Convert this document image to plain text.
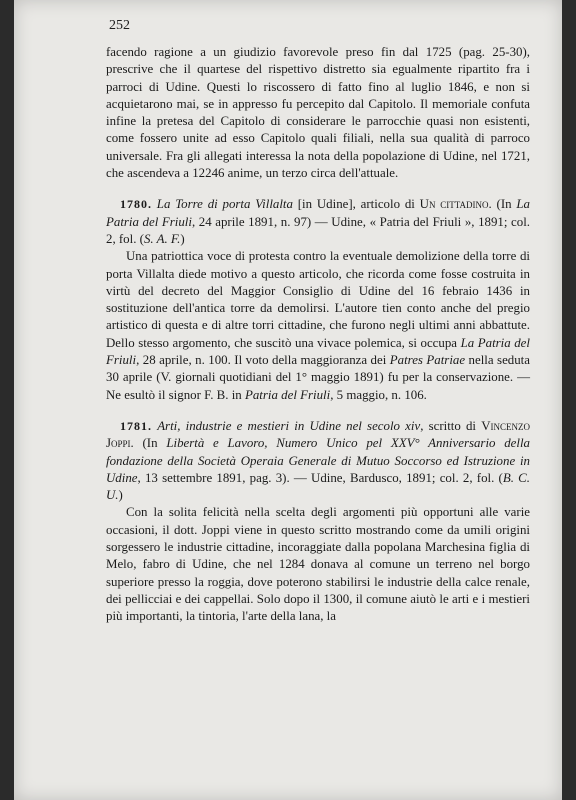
252

facendo ragione a un giudizio favorevole preso fin dal 1725 (pag. 25-30), prescrive che il quartese del rispettivo distretto sia egualmente ripartito fra i parroci di Udine. Questi lo riscossero di fatto fino al luglio 1846, e non si acquietarono mai, se in appresso fu percepito dal Capitolo. Il memoriale confuta infine la pretesa del Capitolo di considerare le parrocchie quasi non esistenti, come fossero unite ad esso Capitolo quali filiali, nella sua qualità di parroco universale. Fra gli allegati interessa la nota della popolazione di Udine, nel 1721, che ascendeva a 12246 anime, un terzo circa dell'attuale.

1780. La Torre di porta Villalta [in Udine], articolo di Un cittadino. (In La Patria del Friuli, 24 aprile 1891, n. 97) — Udine, « Patria del Friuli », 1891; col. 2, fol. (S. A. F.)

Una patriottica voce di protesta contro la eventuale demolizione della torre di porta Villalta diede motivo a questo articolo, che ricorda come fosse costruita in virtù del decreto del Maggior Consiglio di Udine del 16 febraio 1436 in sostituzione dell'antica torre da demolirsi. L'autore tien conto anche del pregio artistico di questa e di altre torri cittadine, che furono negli ultimi anni abbattute. Dello stesso argomento, che suscitò una vivace polemica, si occupa La Patria del Friuli, 28 aprile, n. 100. Il voto della maggioranza dei Patres Patriae nella seduta 30 aprile (V. giornali quotidiani del 1° maggio 1891) fu per la conservazione. — Ne esultò il signor F. B. in Patria del Friuli, 5 maggio, n. 106.

1781. Arti, industrie e mestieri in Udine nel secolo xiv, scritto di Vincenzo Joppi. (In Libertà e Lavoro, Numero Unico pel XXV° Anniversario della fondazione della Società Operaia Generale di Mutuo Soccorso ed Istruzione in Udine, 13 settembre 1891, pag. 3). — Udine, Bardusco, 1891; col. 2, fol. (B. C. U.)

Con la solita felicità nella scelta degli argomenti più opportuni alle varie occasioni, il dott. Joppi viene in questo scritto mostrando come da umili origini sorgessero le industrie cittadine, incoraggiate dalla popolana Marchesina figlia di Melo, fabro di Udine, che nel 1284 donava al comune un terreno nel borgo superiore presso la roggia, dove poterono stabilirsi le industrie della calce renale, dei pellicciai e dei cappellai. Solo dopo il 1300, il comune aiutò le arti e i mestieri più importanti, la tintoria, l'arte della lana, la
